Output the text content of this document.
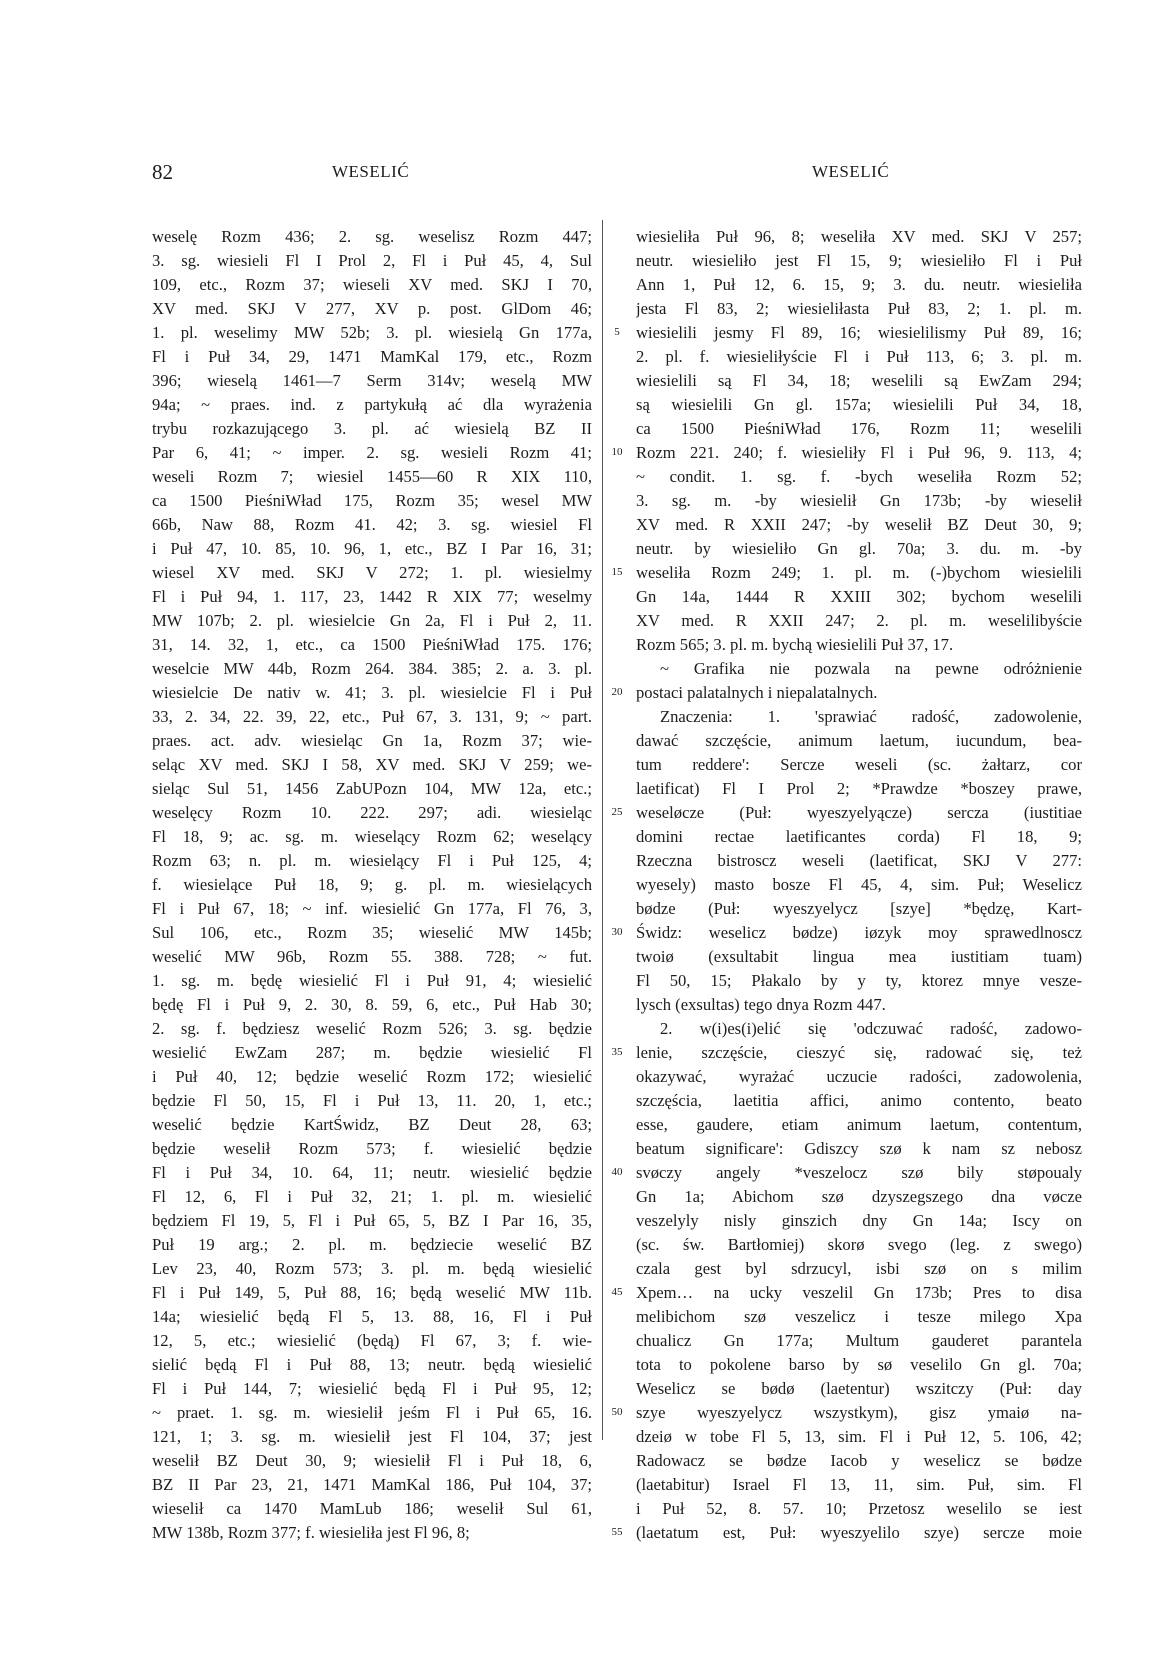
82	WESELIĆ	WESELIĆ
weselę Rozm 436; 2. sg. weselisz Rozm 447;
3. sg. wiesieli Fl I Prol 2, Fl i Puł 45, 4, Sul
109, etc., Rozm 37; wieseli XV med. SKJ I 70,
XV med. SKJ V 277, XV p. post. GlDom 46;
1. pl. weselimy MW 52b; 3. pl. wiesielą Gn 177a,
Fl i Puł 34, 29, 1471 MamKal 179, etc., Rozm
396; wieselą 1461—7 Serm 314v; weselą MW
94a; ~ praes. ind. z partykułą ać dla wyrażenia
trybu rozkazującego 3. pl. ać wiesielą BZ II
Par 6, 41; ~ imper. 2. sg. wesieli Rozm 41;
weseli Rozm 7; wiesiel 1455—60 R XIX 110,
ca 1500 PieśniWład 175, Rozm 35; wesel MW
66b, Naw 88, Rozm 41. 42; 3. sg. wiesiel Fl
i Puł 47, 10. 85, 10. 96, 1, etc., BZ I Par 16, 31;
wiesel XV med. SKJ V 272; 1. pl. wiesielmy
Fl i Puł 94, 1. 117, 23, 1442 R XIX 77; weselmy
MW 107b; 2. pl. wiesielcie Gn 2a, Fl i Puł 2, 11.
31, 14. 32, 1, etc., ca 1500 PieśniWład 175. 176;
weselcie MW 44b, Rozm 264. 384. 385; 2. a. 3. pl.
wiesielcie De nativ w. 41; 3. pl. wiesielcie Fl i Puł
33, 2. 34, 22. 39, 22, etc., Puł 67, 3. 131, 9; ~ part.
praes. act. adv. wiesieląc Gn 1a, Rozm 37; wie-
seląc XV med. SKJ I 58, XV med. SKJ V 259; we-
sieląc Sul 51, 1456 ZabUPozn 104, MW 12a, etc.;
weselęcy Rozm 10. 222. 297; adi. wiesieląc
Fl 18, 9; ac. sg. m. wieselący Rozm 62; weselący
Rozm 63; n. pl. m. wiesielący Fl i Puł 125, 4;
f. wiesielące Puł 18, 9; g. pl. m. wiesielących
Fl i Puł 67, 18; ~ inf. wiesielić Gn 177a, Fl 76, 3,
Sul 106, etc., Rozm 35; wieselić MW 145b;
weselić MW 96b, Rozm 55. 388. 728; ~ fut.
1. sg. m. będę wiesielić Fl i Puł 91, 4; wiesielić
będę Fl i Puł 9, 2. 30, 8. 59, 6, etc., Puł Hab 30;
2. sg. f. będziesz weselić Rozm 526; 3. sg. będzie
wesielić EwZam 287; m. będzie wiesielić Fl
i Puł 40, 12; będzie weselić Rozm 172; wiesielić
będzie Fl 50, 15, Fl i Puł 13, 11. 20, 1, etc.;
weselić będzie KartŚwidz, BZ Deut 28, 63;
będzie weselił Rozm 573; f. wiesielić będzie
Fl i Puł 34, 10. 64, 11; neutr. wiesielić będzie
Fl 12, 6, Fl i Puł 32, 21; 1. pl. m. wiesielić
będziem Fl 19, 5, Fl i Puł 65, 5, BZ I Par 16, 35,
Puł 19 arg.; 2. pl. m. będziecie weselić BZ
Lev 23, 40, Rozm 573; 3. pl. m. będą wiesielić
Fl i Puł 149, 5, Puł 88, 16; będą weselić MW 11b.
14a; wiesielić będą Fl 5, 13. 88, 16, Fl i Puł
12, 5, etc.; wiesielić (będą) Fl 67, 3; f. wie-
sielić będą Fl i Puł 88, 13; neutr. będą wiesielić
Fl i Puł 144, 7; wiesielić będą Fl i Puł 95, 12;
~ praet. 1. sg. m. wiesielił jeśm Fl i Puł 65, 16.
121, 1; 3. sg. m. wiesielił jest Fl 104, 37; jest
weselił BZ Deut 30, 9; wiesielił Fl i Puł 18, 6,
BZ II Par 23, 21, 1471 MamKal 186, Puł 104, 37;
wieselił ca 1470 MamLub 186; weselił Sul 61,
MW 138b, Rozm 377; f. wiesieliła jest Fl 96, 8;
wiesieliła Puł 96, 8; weseliła XV med. SKJ V 257;
neutr. wiesieliło jest Fl 15, 9; wiesieliło Fl i Puł
Ann 1, Puł 12, 6. 15, 9; 3. du. neutr. wiesieliła
jesta Fl 83, 2; wiesieliłasta Puł 83, 2; 1. pl. m.
wiesielili jesmy Fl 89, 16; wiesielilismy Puł 89, 16;
2. pl. f. wiesieliłyście Fl i Puł 113, 6; 3. pl. m.
wiesielili są Fl 34, 18; weselili są EwZam 294;
są wiesielili Gn gl. 157a; wiesielili Puł 34, 18,
ca 1500 PieśniWład 176, Rozm 11; weselili
Rozm 221. 240; f. wiesieliły Fl i Puł 96, 9. 113, 4;
~ condit. 1. sg. f. -bych weseliła Rozm 52;
3. sg. m. -by wiesielił Gn 173b; -by wieselił
XV med. R XXII 247; -by weselił BZ Deut 30, 9;
neutr. by wiesieliło Gn gl. 70a; 3. du. m. -by
weseliła Rozm 249; 1. pl. m. (-)bychom wiesielili
Gn 14a, 1444 R XXIII 302; bychom weselili
XV med. R XXII 247; 2. pl. m. weselilibyście
Rozm 565; 3. pl. m. bychą wiesielili Puł 37, 17.
~ Grafika nie pozwala na pewne odróżnienie
postaci palatalnych i niepalatalnych.
Znaczenia: 1. 'sprawiać radość, zadowolenie,
dawać szczęście, animum laetum, iucundum, bea-
tum reddere': Sercze weseli (sc. żałtarz, cor
laetificat) Fl I Prol 2; *Prawdze *boszey prawe,
weseløcze (Puł: wyeszyelyącze) sercza (iustitiae
domini rectae laetificantes corda) Fl 18, 9;
Rzeczna bistroscz weseli (laetificat, SKJ V 277:
wyesely) masto bosze Fl 45, 4, sim. Puł; Weselicz
bødze (Puł: wyeszyelycz [szye] *będzę, Kart-
Świdz: weselicz bødze) iøzyk moy sprawedlnoscz
twoiø (exsultabit lingua mea iustitiam tuam)
Fl 50, 15; Płakalo by y ty, ktorez mnye vesze-
lysch (exsultas) tego dnya Rozm 447.
2. w(i)es(i)elić się 'odczuwać radość, zadowo-
lenie, szczęście, cieszyć się, radować się, też
okazywać, wyrażać uczucie radości, zadowolenia,
szczęścia, laetitia affici, animo contento, beato
esse, gaudere, etiam animum laetum, contentum,
beatum significare': Gdiszcy szø k nam sz nebosz
svøczy angely *veszelocz szø bily støpoualy
Gn 1a; Abichom szø dzyszegszego dna vøcze
veszelyly nisly ginszich dny Gn 14a; Iscy on
(sc. św. Bartłomiej) skorø svego (leg. z swego)
czala gest byl sdrzucyl, isbi szø on s milim
Xpem… na ucky veszelil Gn 173b; Pres to disa
melibichom szø veszelicz i tesze milego Xpa
chualicz Gn 177a; Multum gauderet parantela
tota to pokolene barso by sø veselilo Gn gl. 70a;
Weselicz se bødø (laetentur) wszitczy (Puł: day
szye wyeszyelycz wszystkym), gisz ymaiø na-
dzeiø w tobe Fl 5, 13, sim. Fl i Puł 12, 5. 106, 42;
Radowacz se bødze Iacob y weselicz se bødze
(laetabitur) Israel Fl 13, 11, sim. Puł, sim. Fl
i Puł 52, 8. 57. 10; Przetosz weselilo se iest
(laetatum est, Puł: wyeszyelilo szye) sercze moie
5
10
15
20
25
30
35
40
45
50
55
